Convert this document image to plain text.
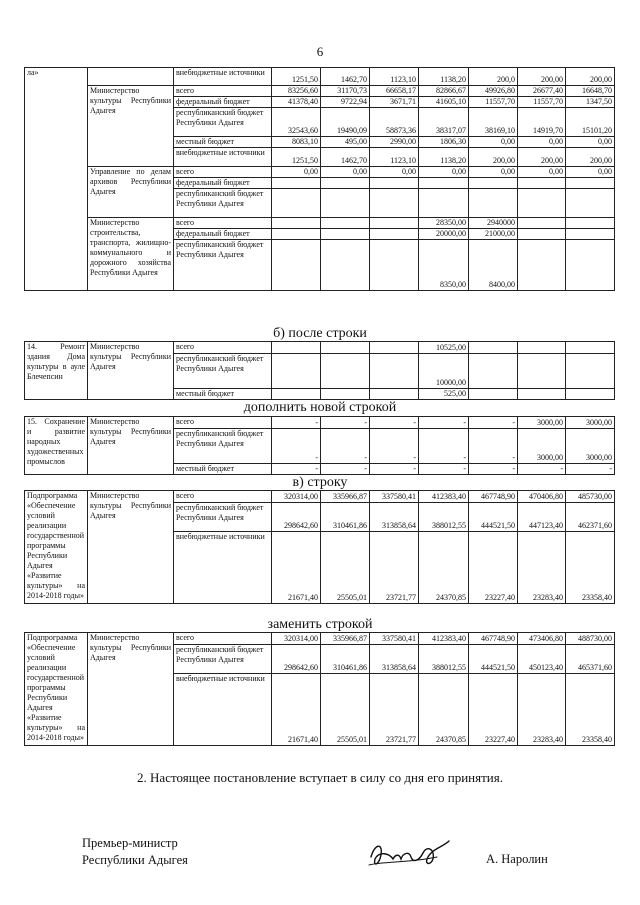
6
ла»		внебюджетные источники	1251,50	1462,70	1123,10	1138,20	200,0	200,00	200,00
	Министерство культуры Республики Адыгея	всего	83256,60	31170,73	66658,17	82866,67	49926,80	26677,40	16648,70
		федеральный бюджет	41378,40	9722,94	3671,71	41605,10	11557,70	11557,70	1347,50
		республиканский бюджет Республики Адыгея	32543,60	19490,09	58873,36	38317,07	38169,10	14919,70	15101,20
		местный бюджет	8083,10	495,00	2990,00	1806,30	0,00	0,00	0,00
		внебюджетные источники	1251,50	1462,70	1123,10	1138,20	200,00	200,00	200,00
	Управление по делам архивов Республики Адыгея	всего	0,00	0,00	0,00	0,00	0,00	0,00	0,00
		федеральный бюджет							
		республиканский бюджет Республики Адыгея							
	Министерство строительства, транспорта, жилищно-коммунального и дорожного хозяйства Республики Адыгея	всего				28350,00	2940000		
		федеральный бюджет				20000,00	21000,00		
		республиканский бюджет Республики Адыгея				8350,00	8400,00		
б) после строки
14. Ремонт здания Дома культуры в ауле Блечепсин	Министерство культуры Республики Адыгея	всего				10525,00			
		республиканский бюджет Республики Адыгея				10000,00			
		местный бюджет				525,00			
дополнить новой строкой
15. Сохранение и развитие народных художественных промыслов	Министерство культуры Республики Адыгея	всего	-	-	-	-	-	3000,00	3000,00
		республиканский бюджет Республики Адыгея	-	-	-	-	-	3000,00	3000,00
		местный бюджет	-	-	-	-	-	-	-
в) строку
Подпрограмма «Обеспечение условий реализации государственной программы Республики Адыгея «Развитие культуры» на 2014-2018 годы»	Министерство культуры Республики Адыгея	всего	320314,00	335966,87	337580,41	412383,40	467748,90	470406,80	485730,00
		республиканский бюджет Республики Адыгея	298642,60	310461,86	313858,64	388012,55	444521,50	447123,40	462371,60
		внебюджетные источники	21671,40	25505,01	23721,77	24370,85	23227,40	23283,40	23358,40
заменить строкой
Подпрограмма «Обеспечение условий реализации государственной программы Республики Адыгея «Развитие культуры» на 2014-2018 годы»	Министерство культуры Республики Адыгея	всего	320314,00	335966,87	337580,41	412383,40	467748,90	473406,80	488730,00
		республиканский бюджет Республики Адыгея	298642,60	310461,86	313858,64	388012,55	444521,50	450123,40	465371,60
		внебюджетные источники	21671,40	25505,01	23721,77	24370,85	23227,40	23283,40	23358,40
2. Настоящее постановление вступает в силу со дня его принятия.
Премьер-министр
Республики Адыгея	А. Наролин
